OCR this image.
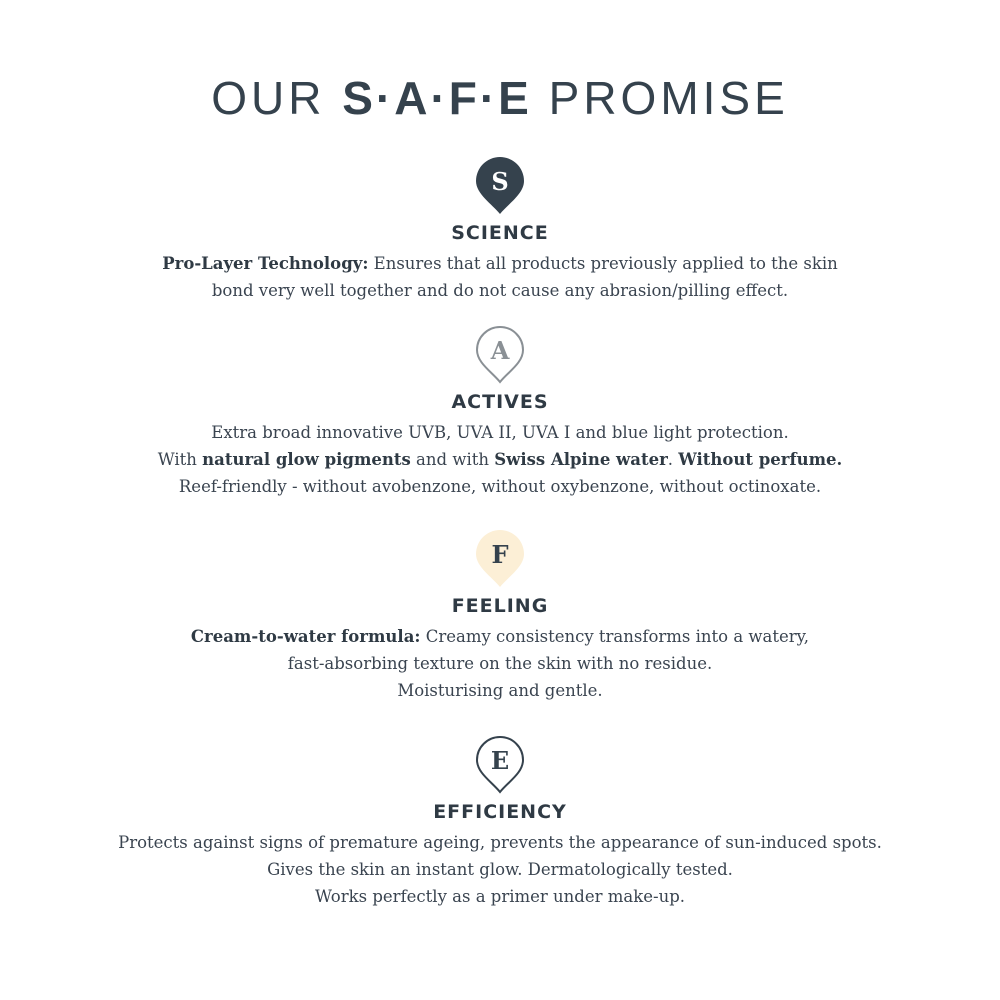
OUR S·A·F·E PROMISE
S
SCIENCE
Pro-Layer Technology: Ensures that all products previously applied to the skin
bond very well together and do not cause any abrasion/pilling effect.
A
ACTIVES
Extra broad innovative UVB, UVA II, UVA I and blue light protection.
With natural glow pigments and with Swiss Alpine water. Without perfume.
Reef-friendly - without avobenzone, without oxybenzone, without octinoxate.
F
FEELING
Cream-to-water formula: Creamy consistency transforms into a watery,
fast-absorbing texture on the skin with no residue.
Moisturising and gentle.
E
EFFICIENCY
Protects against signs of premature ageing, prevents the appearance of sun-induced spots.
Gives the skin an instant glow. Dermatologically tested.
Works perfectly as a primer under make-up.
